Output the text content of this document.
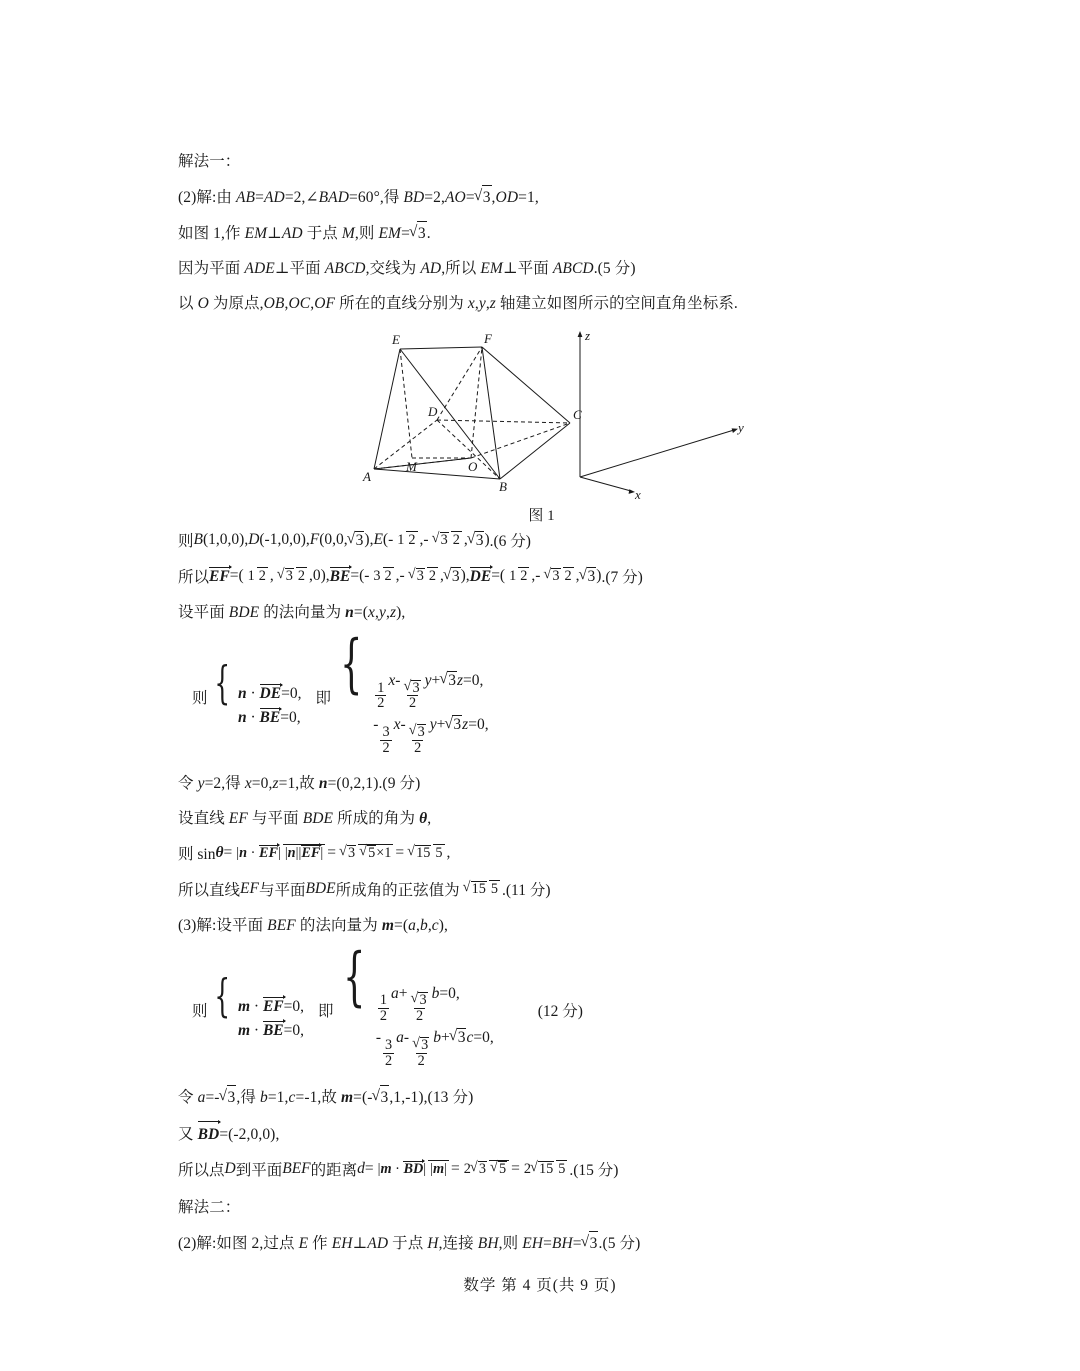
解法一：
(2)解:由 AB=AD=2,∠BAD=60°,得 BD=2,AO= √ 3,OD=1,
如图 1,作 EM⊥AD 于点 M,则 EM= √ 3.
因为平面 ADE⊥平面 ABCD,交线为 AD,所以 EM⊥平面 ABCD.(5 分)
以 O 为原点,OB,OC,OF 所在的直线分别为 x,y,z 轴建立如图所示的空间直角坐标系.
z
y
x
E	F
C
D
M	O
A
B
图 1
则 B (1,0,0) , D (-1,0,0) , F (0,0, √ 3 ) , E ( - 1 2 ,- √ 3 2 , √ 3 ) .(6 分)
所以 EF =( 1 2 , √ 3 2 ,0) , BE =(- 3 2 ,- √ 3 2 , √ 3 ) , DE =( 1 2 ,- √ 3 2 , √ 3 ) .(7 分)
设平面 BDE 的法向量为 n=(x,y,z),
则 { n · DE=0,
n · BE=0,
即 { $\frac{1}{2} x-$ √ $\frac{3}{2} y+$ √ 3z=0,
- $\frac{3}{2} x-$ √ $\frac{3}{2} y+$ √ 3z=0,
令 y=2,得 x=0,z=1,故 n=(0,2,1).(9 分)
设直线 EF 与平面 BDE 所成的角为 θ,
则 sin θ = |n · EF| |n||EF| = √ 3 √ 5×1 = √ 15 5 ,
所以直线 EF 与平面 BDE 所成角的正弦值为 √ 15 5 .(11 分)
(3)解:设平面 BEF 的法向量为 m=(a,b,c),
则 { m · EF=0,
m · BE=0,
即 { $\frac{1}{2} a+$ √ $\frac{3}{2} b=0$,
- $\frac{3}{2} a-$ √ $\frac{3}{2} b+$ √ 3c=0,
(12 分)
令 a=- √ 3,得 b=1,c=-1,故 m=(- √ 3,1,-1),(13 分)
又 BD=(-2,0,0),
所以点 D 到平面 BEF 的距离 d = |m · BD| |m| = 2 √ 3 √ 5 = 2 √ 15 5 .(15 分)
解法二：
(2)解:如图 2,过点 E 作 EH⊥AD 于点 H,连接 BH,则 EH=BH= √ 3.(5 分)
数学 第 4 页(共 9 页)
